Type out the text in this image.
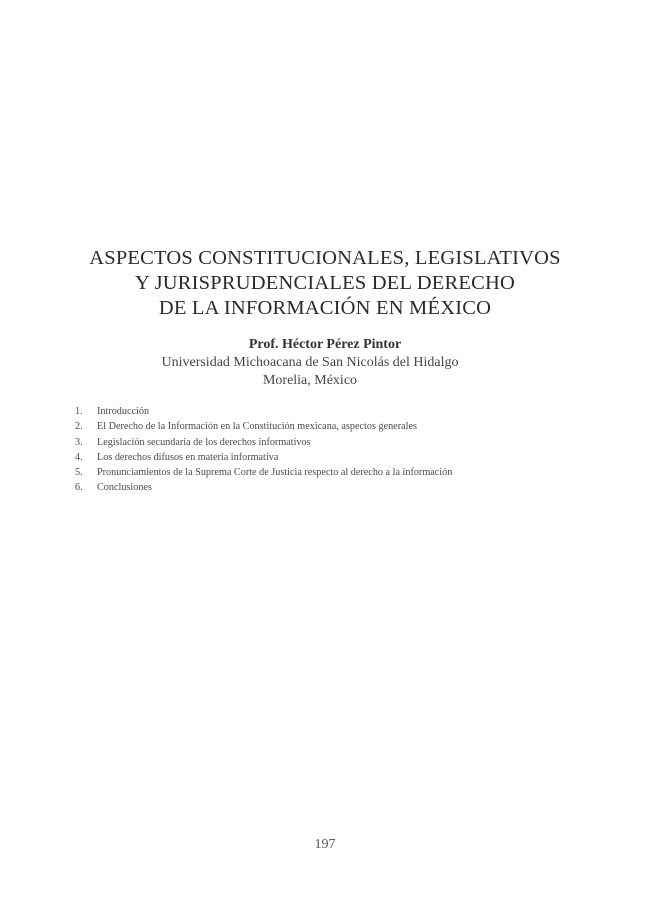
ASPECTOS CONSTITUCIONALES, LEGISLATIVOS
Y JURISPRUDENCIALES DEL DERECHO
DE LA INFORMACIÓN EN MÉXICO
Prof. Héctor Pérez Pintor
Universidad Michoacana de San Nicolás del Hidalgo
Morelia, México
1.	Introducción
2.	El Derecho de la Información en la Constitución mexicana, aspectos generales
3.	Legislación secundaria de los derechos informativos
4.	Los derechos difusos en materia informativa
5.	Pronunciamientos de la Suprema Corte de Justicia respecto al derecho a la información
6.	Conclusiones
197
